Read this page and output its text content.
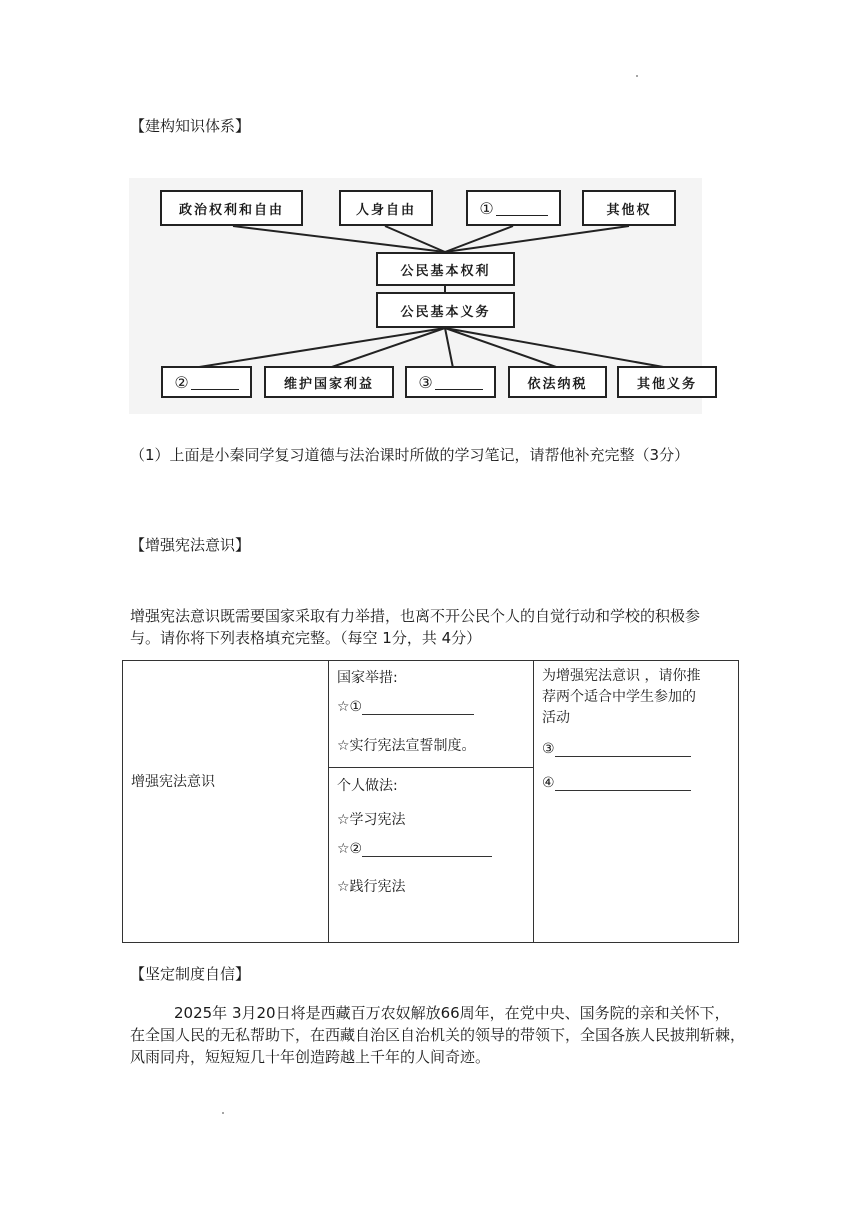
【建构知识体系】
政治权利和自由	人身自由	①	其他权
公民基本权利
公民基本义务
②	维护国家利益	③	依法纳税	其他义务
（1）上面是小秦同学复习道德与法治课时所做的学习笔记，请帮他补充完整（3分）
【增强宪法意识】
增强宪法意识既需要国家采取有力举措，也离不开公民个人的自觉行动和学校的积极参
与。请你将下列表格填充完整。（每空 1分，共 4分）
增强宪法意识
国家举措:
☆①
☆实行宪法宣誓制度。
个人做法:
☆学习宪法
☆②
☆践行宪法
为增强宪法意识 ，请你推
荐两个适合中学生参加的
活动
③
④
【坚定制度自信】
2025年 3月20日将是西藏百万农奴解放66周年，在党中央、国务院的亲和关怀下，
在全国人民的无私帮助下，在西藏自治区自治机关的领导的带领下，全国各族人民披荆斩棘，
风雨同舟，短短短几十年创造跨越上千年的人间奇迹。
